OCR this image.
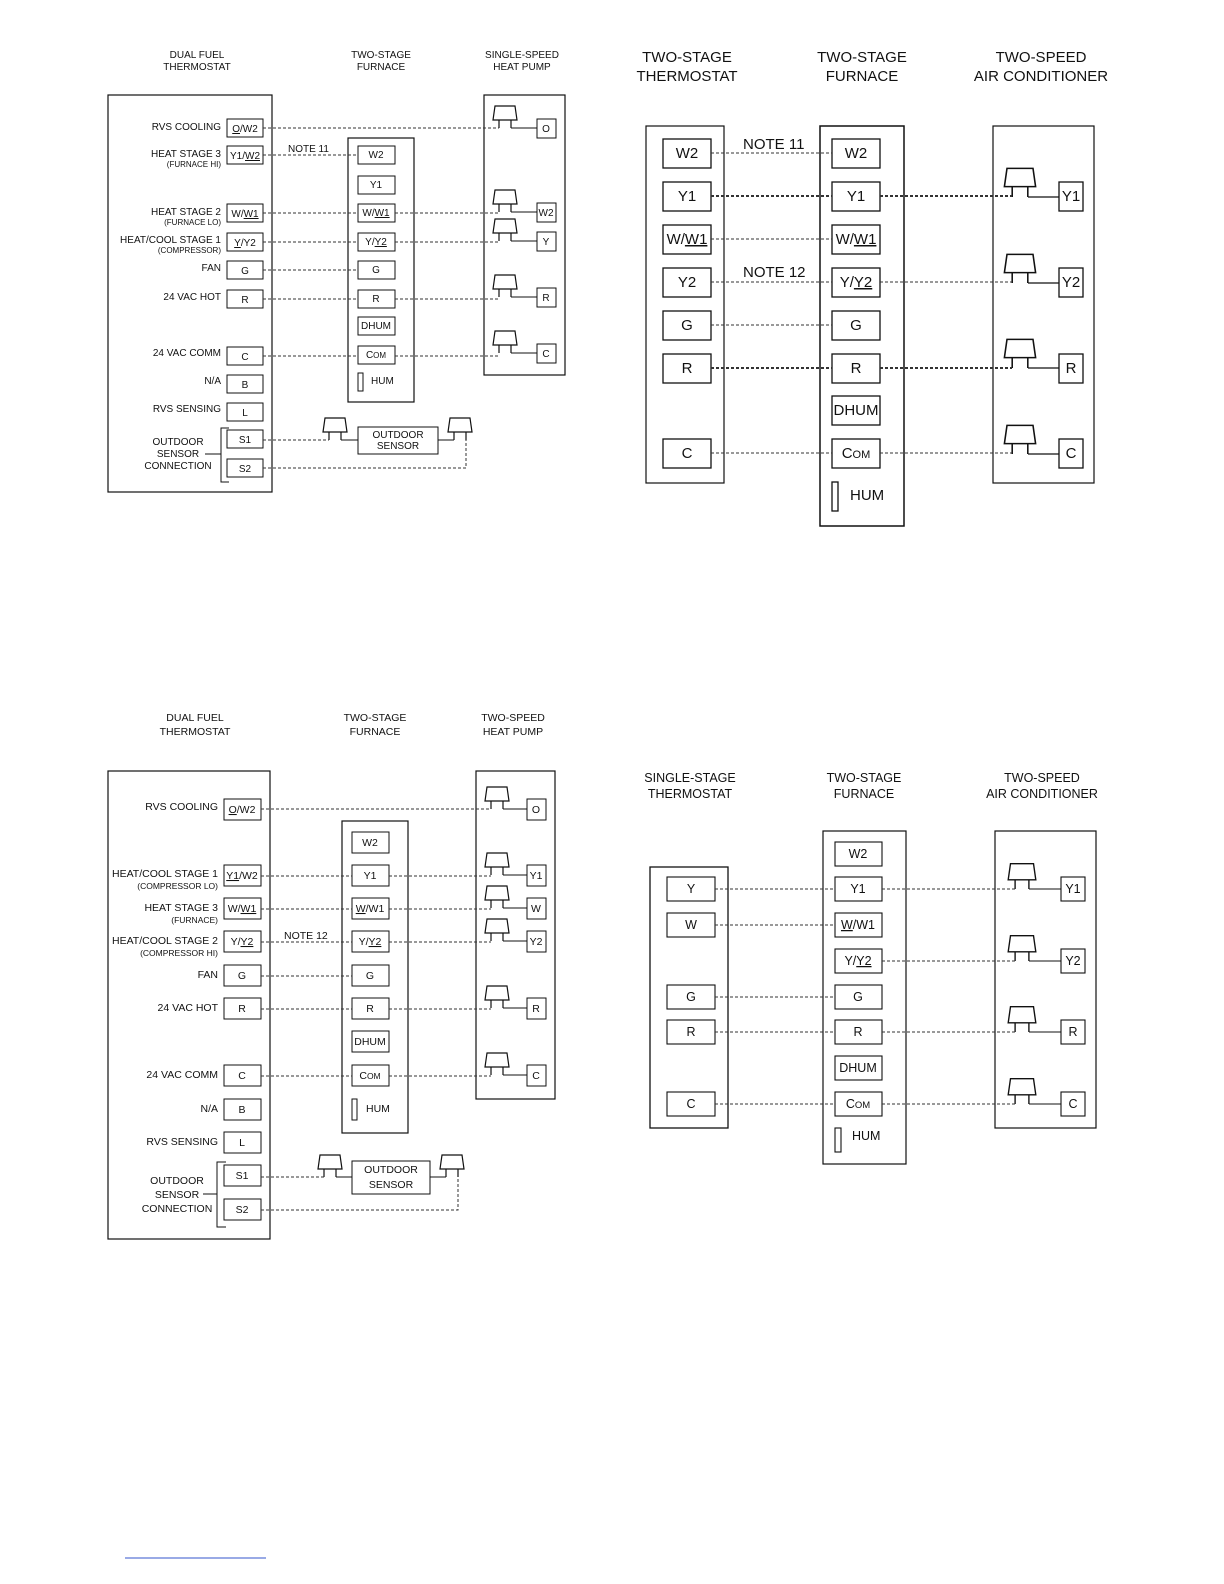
DUAL FUEL
THERMOSTAT
TWO-STAGE
FURNACE
SINGLE-SPEED
HEAT PUMP
RVS COOLING
HEAT STAGE 3
(FURNACE HI)
HEAT STAGE 2
(FURNACE LO)
HEAT/COOL STAGE 1
(COMPRESSOR)
FAN
24 VAC HOT
24 VAC COMM
N/A
RVS SENSING
OUTDOOR
SENSOR
CONNECTION
O/W2
Y1/W2
W/W1
Y/Y2
G
R
C
B
L
S1
S2
W2
Y1
W/W1
Y/Y2
G
R
DHUM
COM
HUM
NOTE 11
O
W2
Y
R
C
OUTDOOR
SENSOR
TWO-STAGE
THERMOSTAT
TWO-STAGE
FURNACE
TWO-SPEED
AIR CONDITIONER
W2
Y1
W/W1
Y2
G
R
C
W2
Y1
W/W1
Y/Y2
G
R
DHUM
COM
HUM
NOTE 11
NOTE 12
Y1
Y2
R
C
DUAL FUEL
THERMOSTAT
TWO-STAGE
FURNACE
TWO-SPEED
HEAT PUMP
RVS COOLING
HEAT/COOL STAGE 1
(COMPRESSOR LO)
HEAT STAGE 3
(FURNACE)
HEAT/COOL STAGE 2
(COMPRESSOR HI)
FAN
24 VAC HOT
24 VAC COMM
N/A
RVS SENSING
OUTDOOR
SENSOR
CONNECTION
O/W2
Y1/W2
W/W1
Y/Y2
G
R
C
B
L
S1
S2
W2
Y1
W/W1
Y/Y2
G
R
DHUM
COM
HUM
NOTE 12
O
Y1
W
Y2
R
C
OUTDOOR
SENSOR
SINGLE-STAGE
THERMOSTAT
TWO-STAGE
FURNACE
TWO-SPEED
AIR CONDITIONER
Y
W
G
R
C
W2
Y1
W/W1
Y/Y2
G
R
DHUM
COM
HUM
Y1
Y2
R
C
